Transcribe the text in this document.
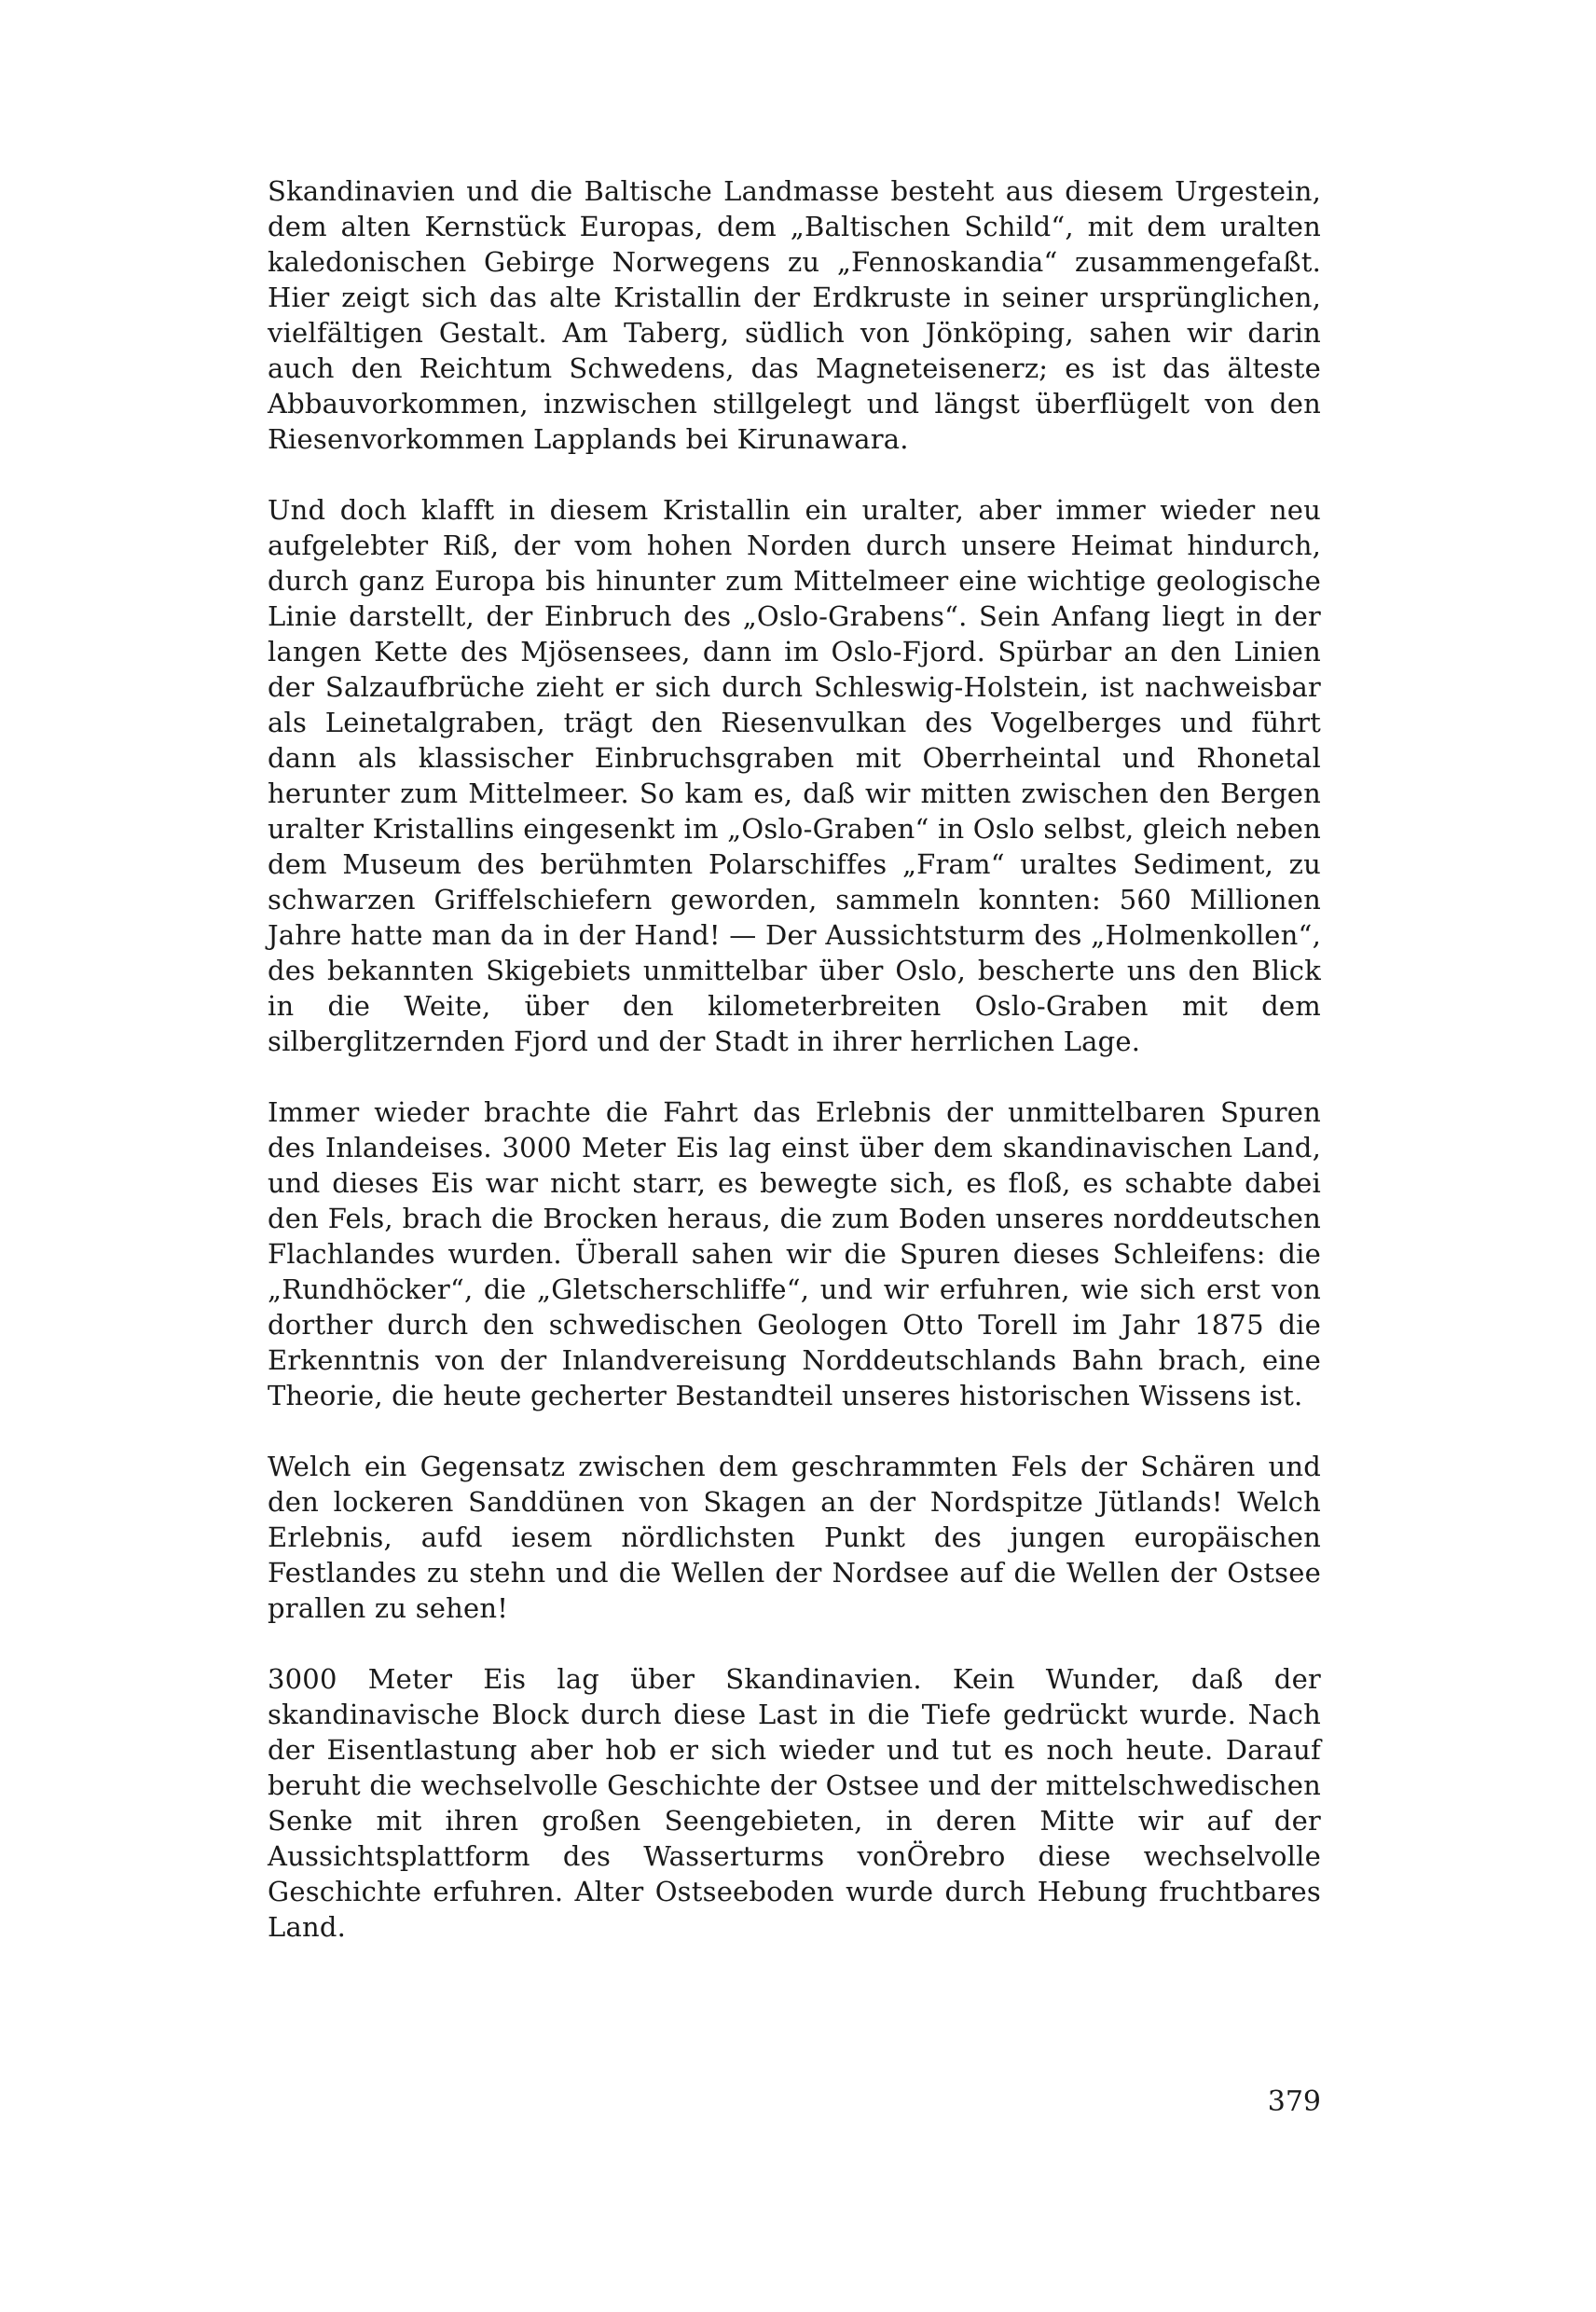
Skandinavien und die Baltische Landmasse besteht aus diesem Urgestein, dem alten Kernstück Europas, dem „Baltischen Schild“, mit dem uralten kaledonischen Gebirge Norwegens zu „Fennoskandia“ zusammengefaßt. Hier zeigt sich das alte Kristallin der Erdkruste in seiner ursprünglichen, vielfältigen Gestalt. Am Taberg, südlich von Jönköping, sahen wir darin auch den Reichtum Schwedens, das Magneteisenerz; es ist das älteste Abbauvorkommen, inzwischen stillgelegt und längst überflügelt von den Riesenvorkommen Lapplands bei Kirunawara.

Und doch klafft in diesem Kristallin ein uralter, aber immer wieder neu aufgelebter Riß, der vom hohen Norden durch unsere Heimat hindurch, durch ganz Europa bis hinunter zum Mittelmeer eine wichtige geologische Linie darstellt, der Einbruch des „Oslo-Grabens“. Sein Anfang liegt in der langen Kette des Mjösensees, dann im Oslo-Fjord. Spürbar an den Linien der Salzaufbrüche zieht er sich durch Schleswig-Holstein, ist nachweisbar als Leinetalgraben, trägt den Riesenvulkan des Vogelberges und führt dann als klassischer Einbruchsgraben mit Oberrheintal und Rhonetal herunter zum Mittelmeer. So kam es, daß wir mitten zwischen den Bergen uralter Kristallins eingesenkt im „Oslo-Graben“ in Oslo selbst, gleich neben dem Museum des berühmten Polarschiffes „Fram“ uraltes Sediment, zu schwarzen Griffelschiefern geworden, sammeln konnten: 560 Millionen Jahre hatte man da in der Hand! — Der Aussichtsturm des „Holmenkollen“, des bekannten Skigebiets unmittelbar über Oslo, bescherte uns den Blick in die Weite, über den kilometerbreiten Oslo-Graben mit dem silberglitzernden Fjord und der Stadt in ihrer herrlichen Lage.

Immer wieder brachte die Fahrt das Erlebnis der unmittelbaren Spuren des Inlandeises. 3000 Meter Eis lag einst über dem skandinavischen Land, und dieses Eis war nicht starr, es bewegte sich, es floß, es schabte dabei den Fels, brach die Brocken heraus, die zum Boden unseres norddeutschen Flachlandes wurden. Überall sahen wir die Spuren dieses Schleifens: die „Rundhöcker“, die „Gletscherschliffe“, und wir erfuhren, wie sich erst von dorther durch den schwedischen Geologen Otto Torell im Jahr 1875 die Erkenntnis von der Inlandvereisung Norddeutschlands Bahn brach, eine Theorie, die heute gecherter Bestandteil unseres historischen Wissens ist.

Welch ein Gegensatz zwischen dem geschrammten Fels der Schären und den lockeren Sanddünen von Skagen an der Nordspitze Jütlands! Welch Erlebnis, aufd iesem nördlichsten Punkt des jungen europäischen Festlandes zu stehn und die Wellen der Nordsee auf die Wellen der Ostsee prallen zu sehen!

3000 Meter Eis lag über Skandinavien. Kein Wunder, daß der skandinavische Block durch diese Last in die Tiefe gedrückt wurde. Nach der Eisentlastung aber hob er sich wieder und tut es noch heute. Darauf beruht die wechselvolle Geschichte der Ostsee und der mittelschwedischen Senke mit ihren großen Seengebieten, in deren Mitte wir auf der Aussichtsplattform des Wasserturms vonÖrebro diese wechselvolle Geschichte erfuhren. Alter Ostseeboden wurde durch Hebung fruchtbares Land.

379
